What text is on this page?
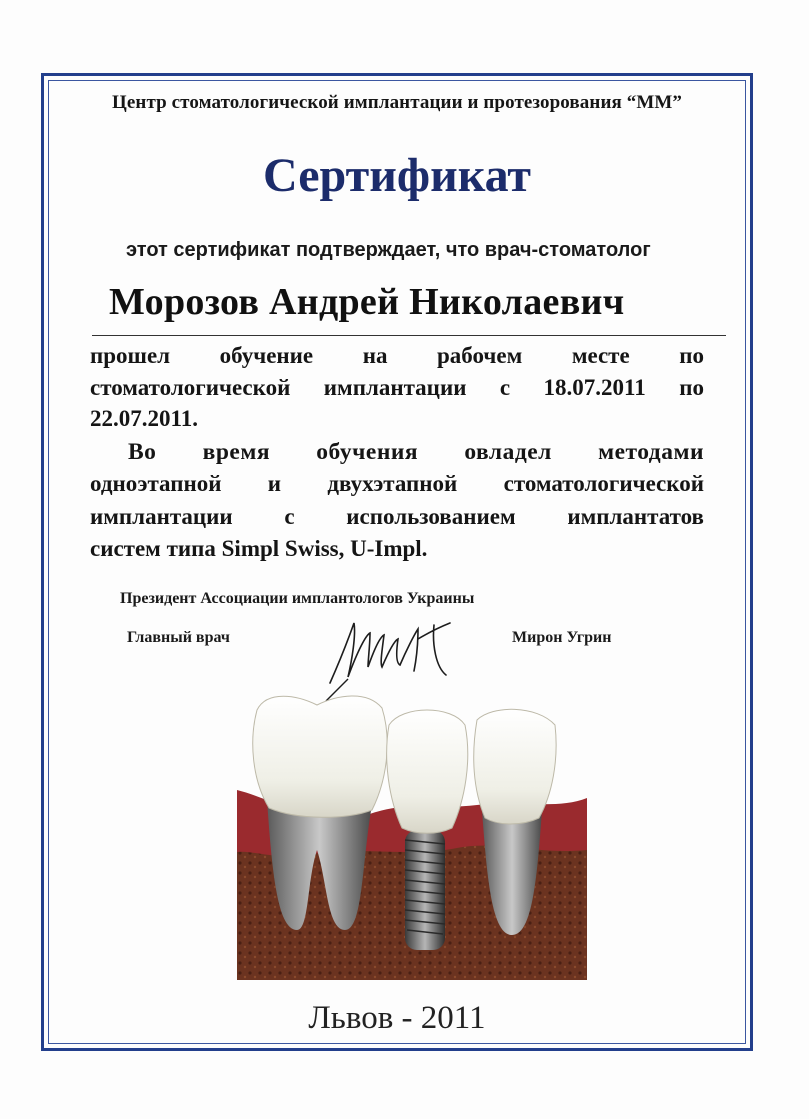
Центр стоматологической имплантации и протезорования “ММ”
Сертификат
этот сертификат подтверждает, что врач-стоматолог
Морозов Андрей Николаевич
прошел обучение на рабочем месте по
стоматологической имплантации с 18.07.2011 по
22.07.2011.
Во время обучения овладел методами
одноэтапной и двухэтапной стоматологической
имплантации с использованием имплантатов
систем типа Simpl Swiss, U-Impl.
Президент Ассоциации имплантологов Украины
Главный врач	Мирон Угрин
Львов - 2011
